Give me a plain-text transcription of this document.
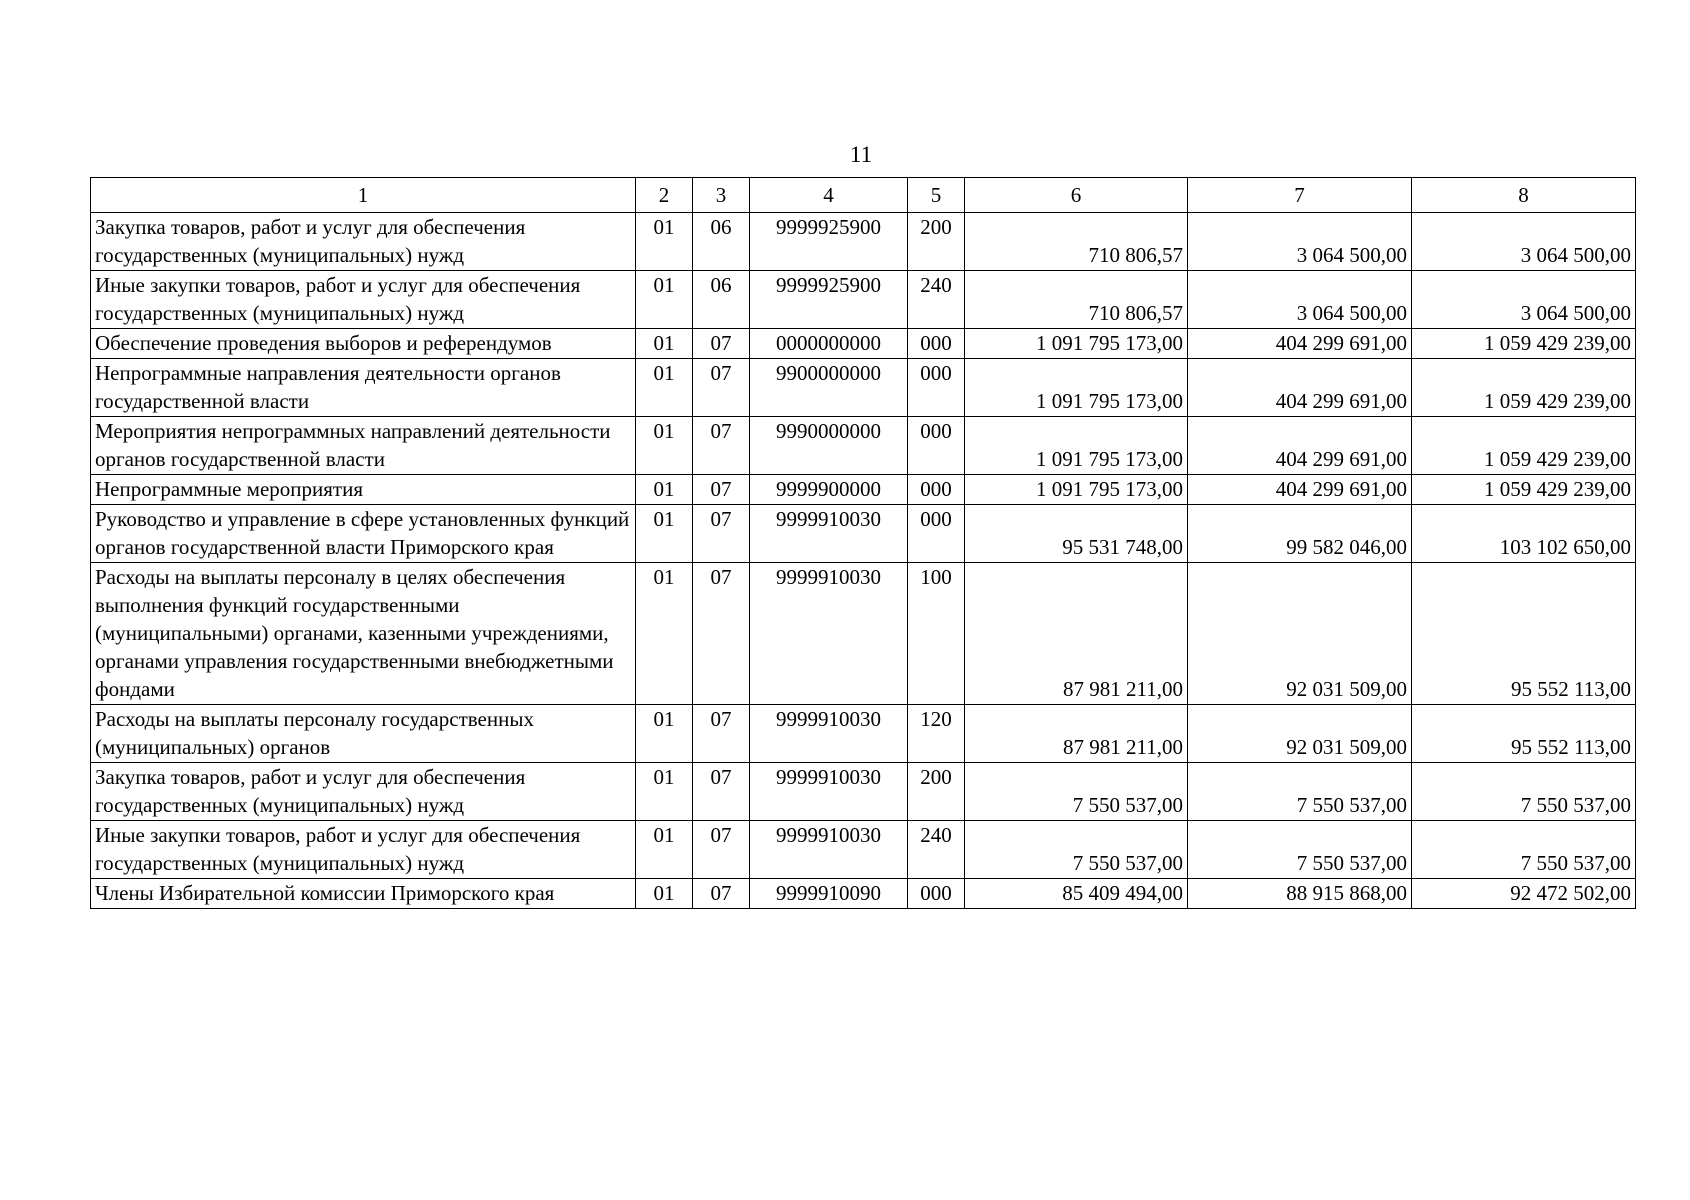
11
1	2	3	4	5	6	7	8
Закупка товаров, работ и услуг для обеспечения государственных (муниципальных) нужд	01	06	9999925900	200	710 806,57	3 064 500,00	3 064 500,00
Иные закупки товаров, работ и услуг для обеспечения государственных (муниципальных) нужд	01	06	9999925900	240	710 806,57	3 064 500,00	3 064 500,00
Обеспечение проведения выборов и референдумов	01	07	0000000000	000	1 091 795 173,00	404 299 691,00	1 059 429 239,00
Непрограммные направления деятельности органов государственной власти	01	07	9900000000	000	1 091 795 173,00	404 299 691,00	1 059 429 239,00
Мероприятия непрограммных направлений деятельности органов государственной власти	01	07	9990000000	000	1 091 795 173,00	404 299 691,00	1 059 429 239,00
Непрограммные мероприятия	01	07	9999900000	000	1 091 795 173,00	404 299 691,00	1 059 429 239,00
Руководство и управление в сфере установленных функций органов государственной власти Приморского края	01	07	9999910030	000	95 531 748,00	99 582 046,00	103 102 650,00
Расходы на выплаты персоналу в целях обеспечения выполнения функций государственными (муниципальными) органами, казенными учреждениями, органами управления государственными внебюджетными фондами	01	07	9999910030	100	87 981 211,00	92 031 509,00	95 552 113,00
Расходы на выплаты персоналу государственных (муниципальных) органов	01	07	9999910030	120	87 981 211,00	92 031 509,00	95 552 113,00
Закупка товаров, работ и услуг для обеспечения государственных (муниципальных) нужд	01	07	9999910030	200	7 550 537,00	7 550 537,00	7 550 537,00
Иные закупки товаров, работ и услуг для обеспечения государственных (муниципальных) нужд	01	07	9999910030	240	7 550 537,00	7 550 537,00	7 550 537,00
Члены Избирательной комиссии Приморского края	01	07	9999910090	000	85 409 494,00	88 915 868,00	92 472 502,00
